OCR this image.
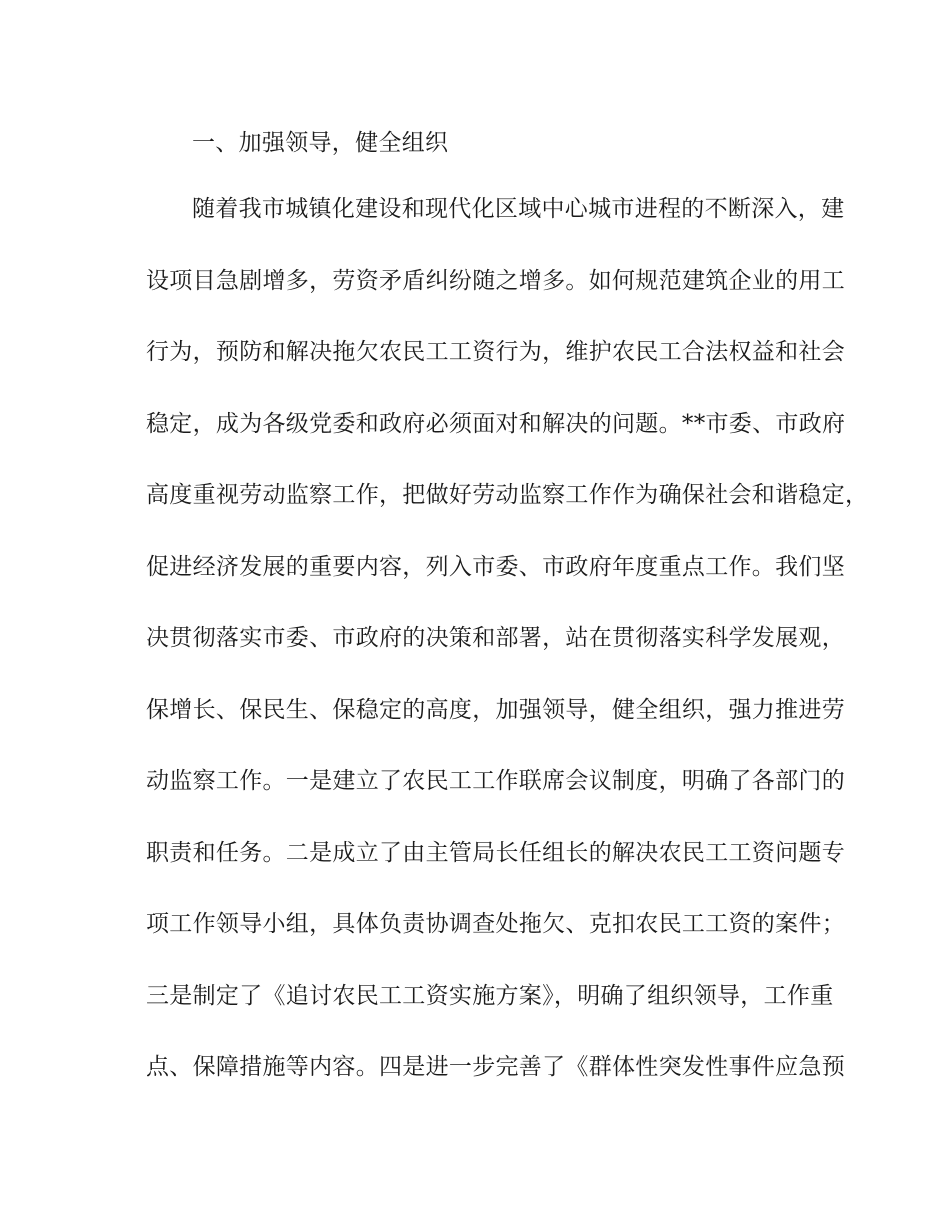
一、加强领导，健全组织
随着我市城镇化建设和现代化区域中心城市进程的不断深入，建
设项目急剧增多，劳资矛盾纠纷随之增多。如何规范建筑企业的用工
行为，预防和解决拖欠农民工工资行为，维护农民工合法权益和社会
稳定，成为各级党委和政府必须面对和解决的问题。**市委、市政府
高度重视劳动监察工作，把做好劳动监察工作作为确保社会和谐稳定，
促进经济发展的重要内容，列入市委、市政府年度重点工作。我们坚
决贯彻落实市委、市政府的决策和部署，站在贯彻落实科学发展观，
保增长、保民生、保稳定的高度，加强领导，健全组织，强力推进劳
动监察工作。一是建立了农民工工作联席会议制度，明确了各部门的
职责和任务。二是成立了由主管局长任组长的解决农民工工资问题专
项工作领导小组，具体负责协调查处拖欠、克扣农民工工资的案件；
三是制定了《追讨农民工工资实施方案》，明确了组织领导，工作重
点、保障措施等内容。四是进一步完善了《群体性突发性事件应急预
